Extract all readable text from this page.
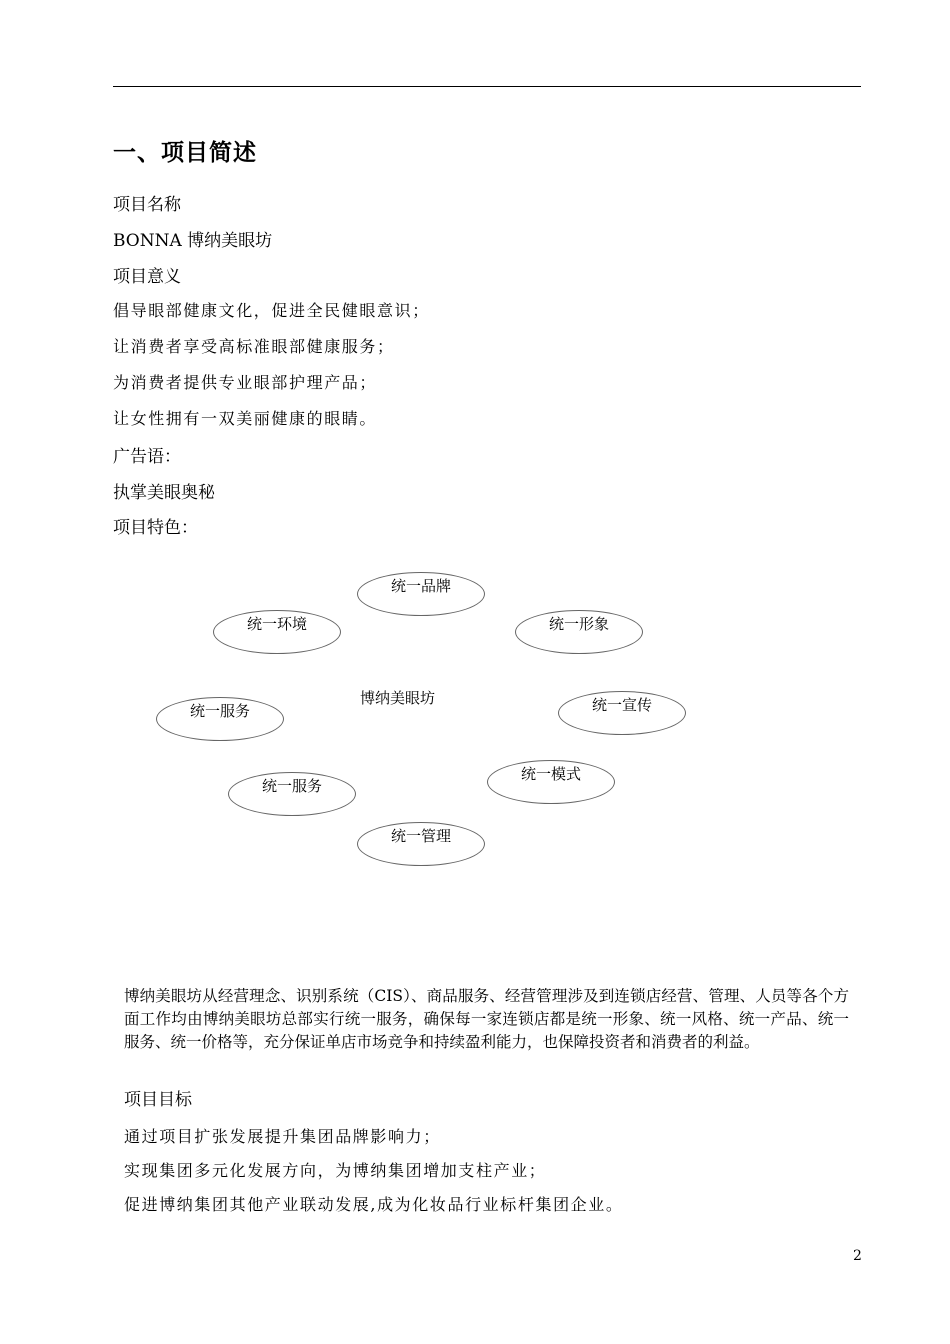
一、项目简述
项目名称
BONNA 博纳美眼坊
项目意义
倡导眼部健康文化，促进全民健眼意识；
让消费者享受高标准眼部健康服务；
为消费者提供专业眼部护理产品；
让女性拥有一双美丽健康的眼睛。
广告语：
执掌美眼奥秘
项目特色：
博纳美眼坊
统一品牌
统一环境	统一形象
统一服务	统一宣传
统一服务
统一模式
统一管理
博纳美眼坊从经营理念、识别系统（CIS）、商品服务、经营管理涉及到连锁店经营、管理、人员等各个方面工作均由博纳美眼坊总部实行统一服务，确保每一家连锁店都是统一形象、统一风格、统一产品、统一服务、统一价格等，充分保证单店市场竞争和持续盈利能力，也保障投资者和消费者的利益。
项目目标
通过项目扩张发展提升集团品牌影响力；
实现集团多元化发展方向，为博纳集团增加支柱产业；
促进博纳集团其他产业联动发展,成为化妆品行业标杆集团企业。
2
